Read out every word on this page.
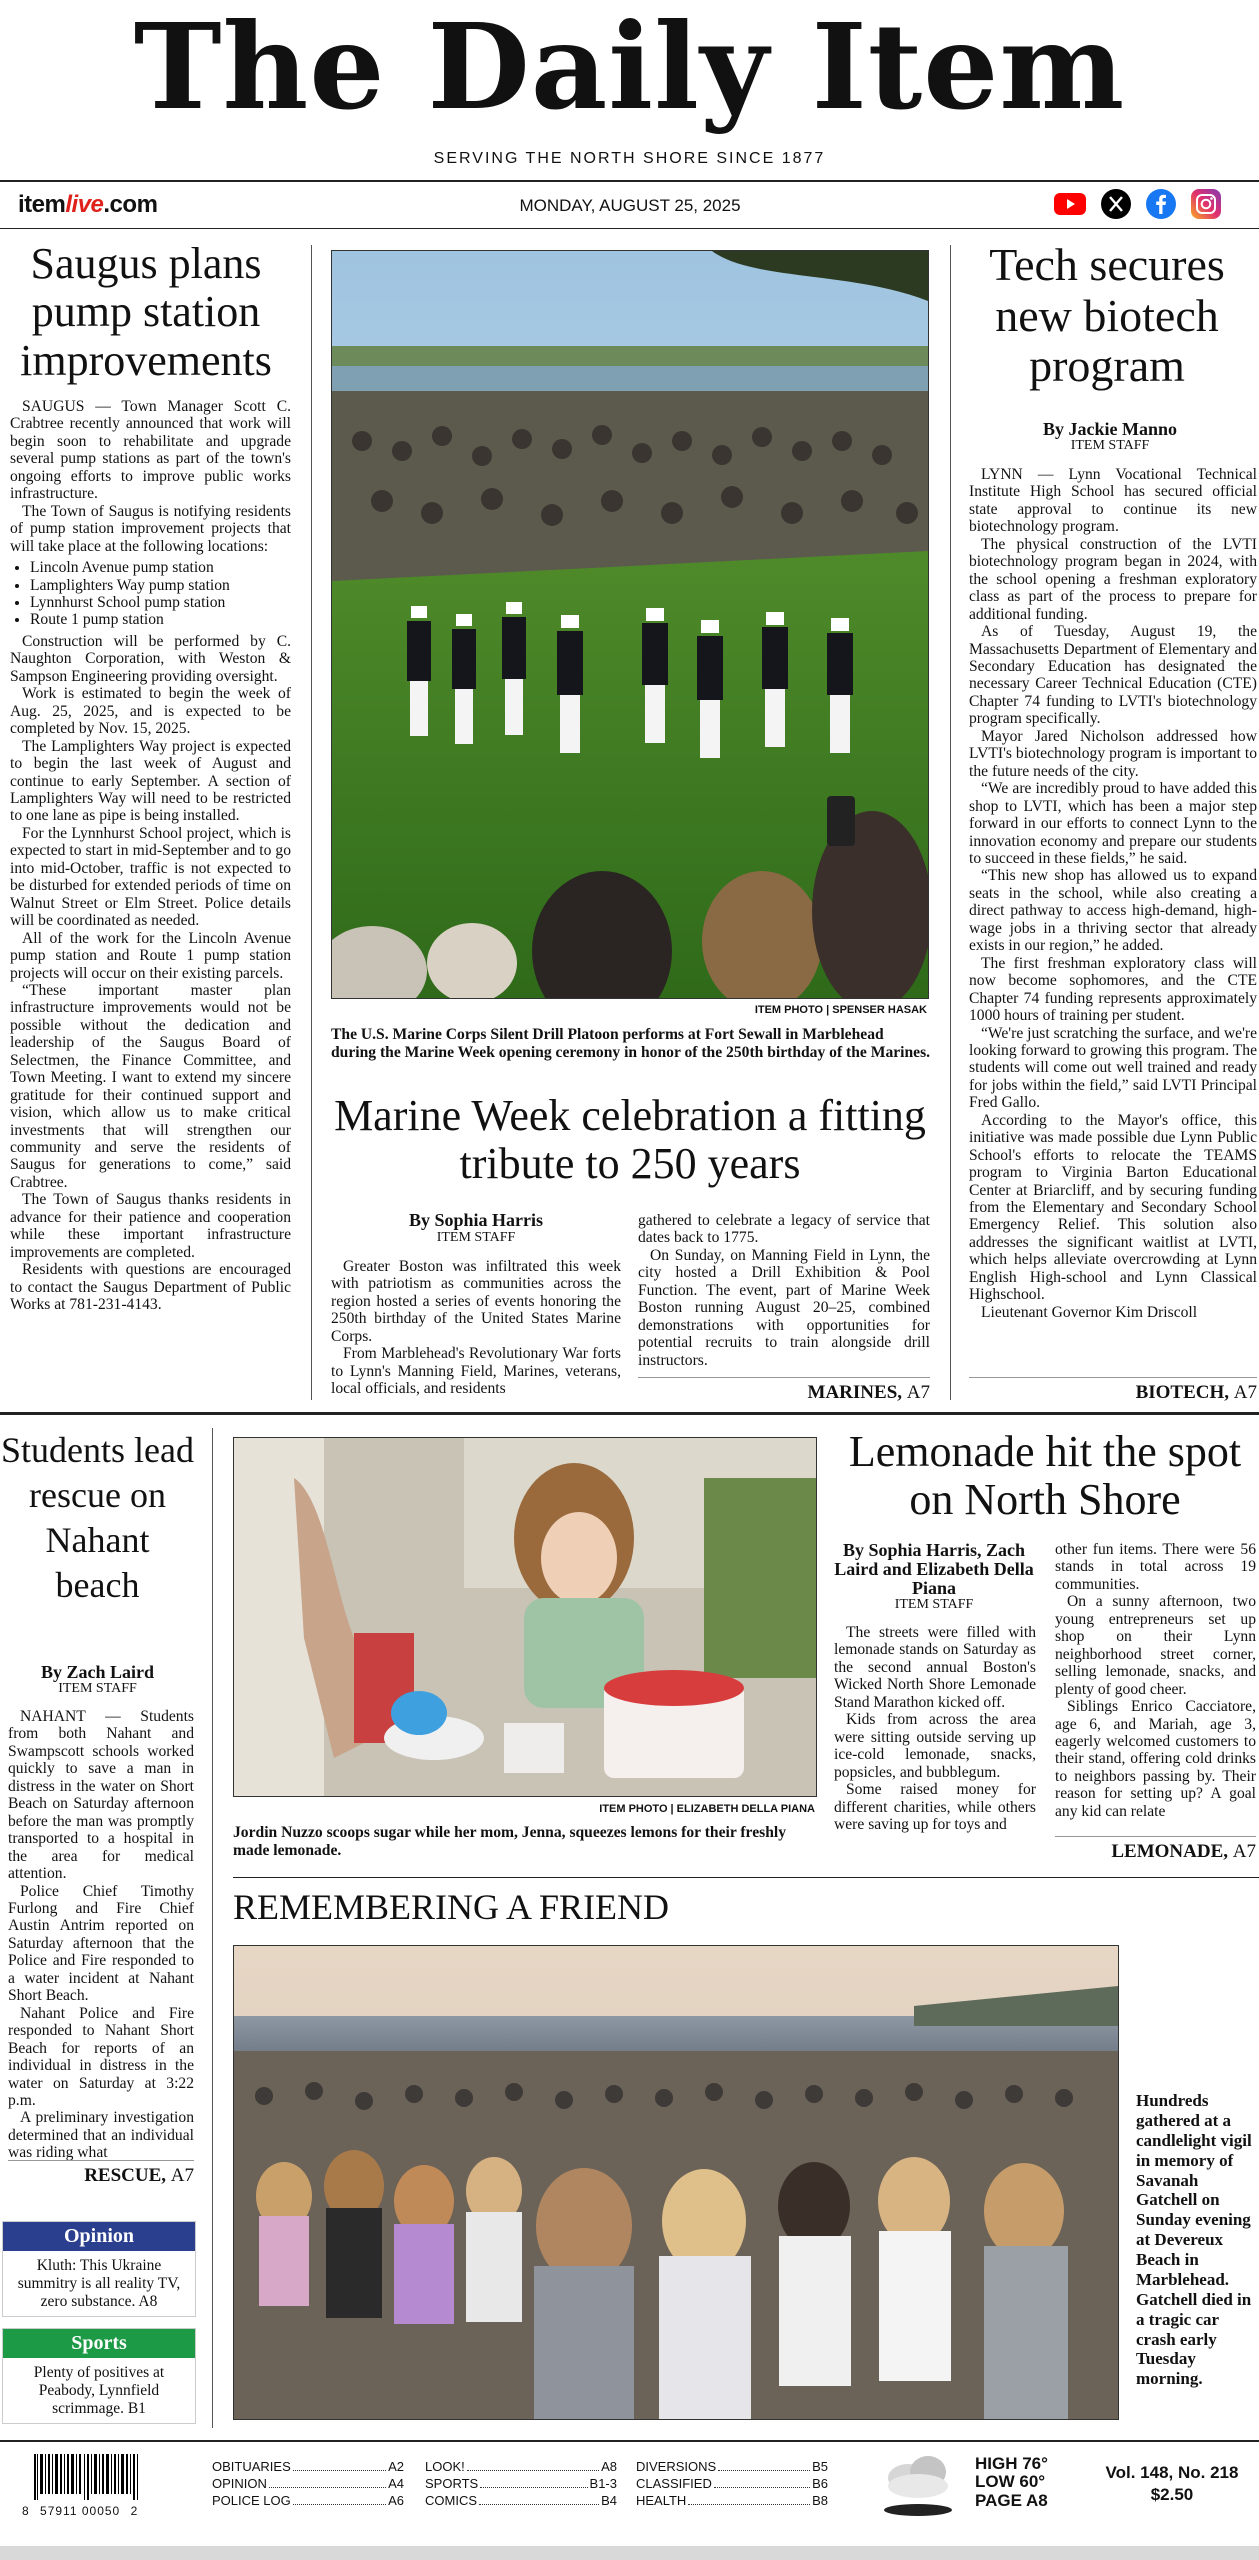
The Daily Item
SERVING THE NORTH SHORE SINCE 1877
itemlive.com	MONDAY, AUGUST 25, 2025
Saugus plans pump station improvements

SAUGUS — Town Manager Scott C. Crabtree recently announced that work will begin soon to rehabilitate and upgrade several pump stations as part of the town's ongoing efforts to improve public works infrastructure.

The Town of Saugus is notifying residents of pump station improvement projects that will take place at the following locations:

• Lincoln Avenue pump station
• Lamplighters Way pump station
• Lynnhurst School pump station
• Route 1 pump station

Construction will be performed by C. Naughton Corporation, with Weston & Sampson Engineering providing oversight.

Work is estimated to begin the week of Aug. 25, 2025, and is expected to be completed by Nov. 15, 2025.

The Lamplighters Way project is expected to begin the last week of August and continue to early September. A section of Lamplighters Way will need to be restricted to one lane as pipe is being installed.

For the Lynnhurst School project, which is expected to start in mid-September and to go into mid-October, traffic is not expected to be disturbed for extended periods of time on Walnut Street or Elm Street. Police details will be coordinated as needed.

All of the work for the Lincoln Avenue pump station and Route 1 pump station projects will occur on their existing parcels.

“These important master plan infrastructure improvements would not be possible without the dedication and leadership of the Saugus Board of Selectmen, the Finance Committee, and Town Meeting. I want to extend my sincere gratitude for their continued support and vision, which allow us to make critical investments that will strengthen our community and serve the residents of Saugus for generations to come,” said Crabtree.

The Town of Saugus thanks residents in advance for their patience and cooperation while these important infrastructure improvements are completed.

Residents with questions are encouraged to contact the Saugus Department of Public Works at 781-231-4143.

ITEM PHOTO | SPENSER HASAK
The U.S. Marine Corps Silent Drill Platoon performs at Fort Sewall in Marblehead during the Marine Week opening ceremony in honor of the 250th birthday of the Marines.
Marine Week celebration a fitting tribute to 250 years
By Sophia Harris
ITEM STAFF

Greater Boston was infiltrated this week with patriotism as communities across the region hosted a series of events honoring the 250th birthday of the United States Marine Corps.

From Marblehead's Revolutionary War forts to Lynn's Manning Field, Marines, veterans, local officials, and residents

gathered to celebrate a legacy of service that dates back to 1775.

On Sunday, on Manning Field in Lynn, the city hosted a Drill Exhibition & Pool Function. The event, part of Marine Week Boston running August 20–25, combined demonstrations with opportunities for potential recruits to train alongside drill instructors.

MARINES, A7
Tech secures new biotech program
By Jackie Manno
ITEM STAFF

LYNN — Lynn Vocational Technical Institute High School has secured official state approval to continue its new biotechnology program.

The physical construction of the LVTI biotechnology program began in 2024, with the school opening a freshman exploratory class as part of the process to prepare for additional funding.

As of Tuesday, August 19, the Massachusetts Department of Elementary and Secondary Education has designated the necessary Career Technical Education (CTE) Chapter 74 funding to LVTI's biotechnology program specifically.

Mayor Jared Nicholson addressed how LVTI's biotechnology program is important to the future needs of the city.

“We are incredibly proud to have added this shop to LVTI, which has been a major step forward in our efforts to connect Lynn to the innovation economy and prepare our students to succeed in these fields,” he said.

“This new shop has allowed us to expand seats in the school, while also creating a direct pathway to access high-demand, high-wage jobs in a thriving sector that already exists in our region,” he added.

The first freshman exploratory class will now become sophomores, and the CTE Chapter 74 funding represents approximately 1000 hours of training per student.

“We're just scratching the surface, and we're looking forward to growing this program. The students will come out well trained and ready for jobs within the field,” said LVTI Principal Fred Gallo.

According to the Mayor's office, this initiative was made possible due Lynn Public School's efforts to relocate the TEAMS program to Virginia Barton Educational Center at Briarcliff, and by securing funding from the Elementary and Secondary School Emergency Relief. This solution also addresses the significant waitlist at LVTI, which helps alleviate overcrowding at Lynn English High-school and Lynn Classical Highschool.

Lieutenant Governor Kim Driscoll

BIOTECH, A7
Students lead rescue on Nahant beach
By Zach Laird
ITEM STAFF

NAHANT — Students from both Nahant and Swampscott schools worked quickly to save a man in distress in the water on Short Beach on Saturday afternoon before the man was promptly transported to a hospital in the area for medical attention.

Police Chief Timothy Furlong and Fire Chief Austin Antrim reported on Saturday afternoon that the Police and Fire responded to a water incident at Nahant Short Beach.

Nahant Police and Fire responded to Nahant Short Beach for reports of an individual in distress in the water on Saturday at 3:22 p.m.

A preliminary investigation determined that an individual was riding what

RESCUE, A7
Opinion
Kluth: This Ukraine summitry is all reality TV, zero substance. A8
Sports
Plenty of positives at Peabody, Lynnfield scrimmage. B1
ITEM PHOTO | ELIZABETH DELLA PIANA
Jordin Nuzzo scoops sugar while her mom, Jenna, squeezes lemons for their freshly made lemonade.
Lemonade hit the spot on North Shore
By Sophia Harris, Zach Laird and Elizabeth Della Piana
ITEM STAFF

The streets were filled with lemonade stands on Saturday as the second annual Boston's Wicked North Shore Lemonade Stand Marathon kicked off.

Kids from across the area were sitting outside serving up ice-cold lemonade, snacks, popsicles, and bubblegum.

Some raised money for different charities, while others were saving up for toys and

other fun items. There were 56 stands in total across 19 communities.

On a sunny afternoon, two young entrepreneurs set up shop on their Lynn neighborhood street corner, selling lemonade, snacks, and plenty of good cheer.

Siblings Enrico Cacciatore, age 6, and Mariah, age 3, eagerly welcomed customers to their stand, offering cold drinks to neighbors passing by. Their reason for setting up? A goal any kid can relate

LEMONADE, A7
REMEMBERING A FRIEND
Hundreds gathered at a candlelight vigil in memory of Savanah Gatchell on Sunday evening at Devereux Beach in Marblehead. Gatchell died in a tragic car crash early Tuesday morning.
8 57911 00050 2
OBITUARIES	A2
OPINION	A4
POLICE LOG	A6
LOOK!	A8
SPORTS	B1-3
COMICS	B4
DIVERSIONS	B5
CLASSIFIED	B6
HEALTH	B8
HIGH 76°
LOW 60°
PAGE A8
Vol. 148, No. 218
$2.50
